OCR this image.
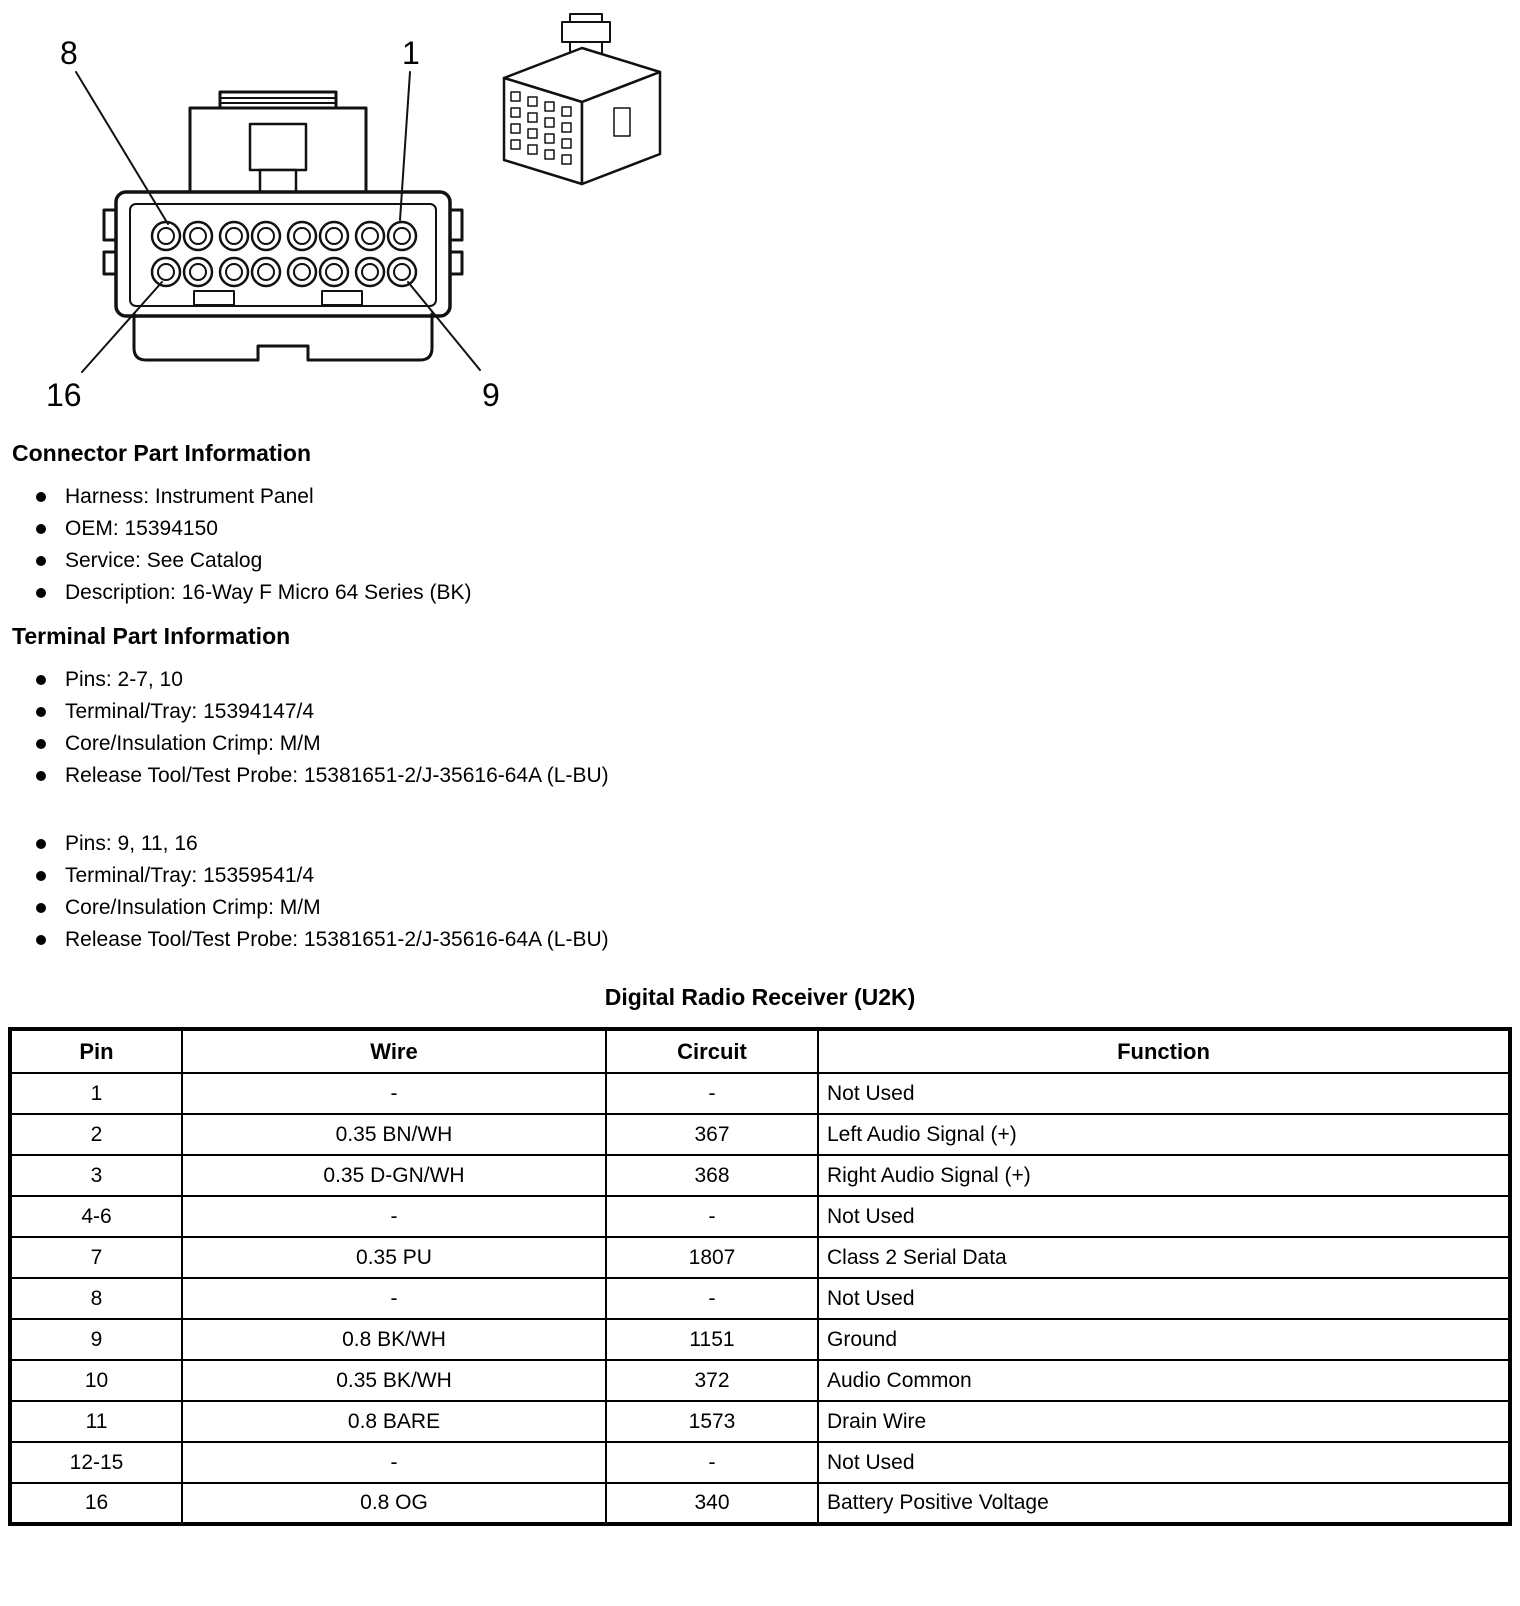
8	1
16	9
Connector Part Information
Harness: Instrument Panel
OEM: 15394150
Service: See Catalog
Description: 16-Way F Micro 64 Series (BK)
Terminal Part Information
Pins: 2-7, 10
Terminal/Tray: 15394147/4
Core/Insulation Crimp: M/M
Release Tool/Test Probe: 15381651-2/J-35616-64A (L-BU)
Pins: 9, 11, 16
Terminal/Tray: 15359541/4
Core/Insulation Crimp: M/M
Release Tool/Test Probe: 15381651-2/J-35616-64A (L-BU)
Digital Radio Receiver (U2K)
Pin	Wire	Circuit	Function
1	-	-	Not Used
2	0.35 BN/WH	367	Left Audio Signal (+)
3	0.35 D-GN/WH	368	Right Audio Signal (+)
4-6	-	-	Not Used
7	0.35 PU	1807	Class 2 Serial Data
8	-	-	Not Used
9	0.8 BK/WH	1151	Ground
10	0.35 BK/WH	372	Audio Common
11	0.8 BARE	1573	Drain Wire
12-15	-	-	Not Used
16	0.8 OG	340	Battery Positive Voltage
